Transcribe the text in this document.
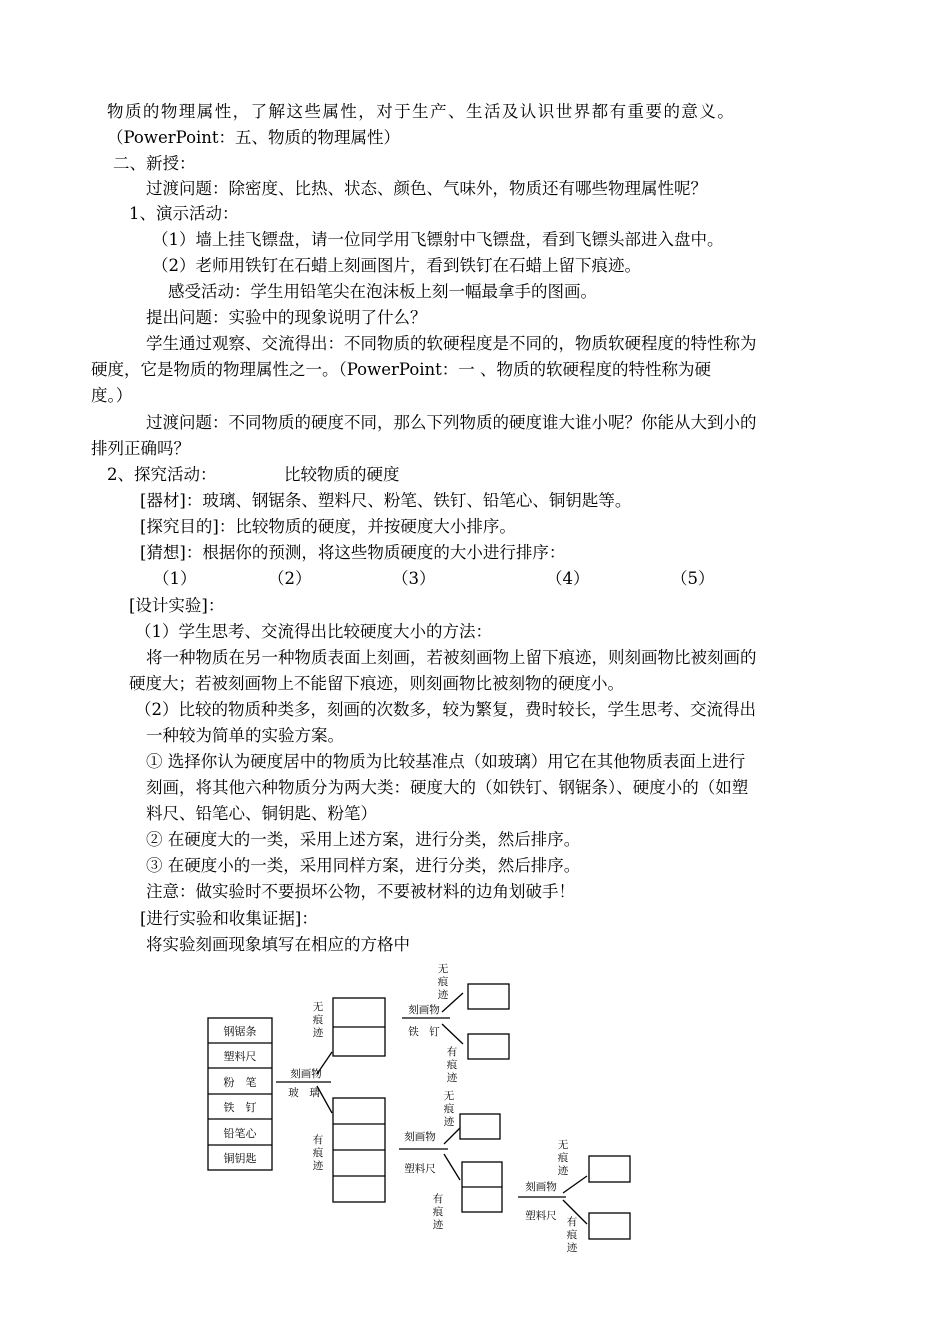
物质的物理属性，了解这些属性，对于生产、生活及认识世界都有重要的意义。
（PowerPoint：五、物质的物理属性）
二、新授：
过渡问题：除密度、比热、状态、颜色、气味外，物质还有哪些物理属性呢？
1、演示活动：
（1）墙上挂飞镖盘，请一位同学用飞镖射中飞镖盘，看到飞镖头部进入盘中。
（2）老师用铁钉在石蜡上刻画图片，看到铁钉在石蜡上留下痕迹。
感受活动：学生用铅笔尖在泡沫板上刻一幅最拿手的图画。
提出问题：实验中的现象说明了什么？
学生通过观察、交流得出：不同物质的软硬程度是不同的，物质软硬程度的特性称为
硬度，它是物质的物理属性之一。（PowerPoint：一 、物质的软硬程度的特性称为硬
度。）
过渡问题：不同物质的硬度不同，那么下列物质的硬度谁大谁小呢？你能从大到小的
排列正确吗？
2、探究活动：	比较物质的硬度
[器材]：玻璃、钢锯条、塑料尺、粉笔、铁钉、铅笔心、铜钥匙等。
[探究目的]：比较物质的硬度，并按硬度大小排序。
[猜想]：根据你的预测，将这些物质硬度的大小进行排序：
（1）	（2）	（3）	（4）	（5）
[设计实验]：
（1）学生思考、交流得出比较硬度大小的方法：
将一种物质在另一种物质表面上刻画，若被刻画物上留下痕迹，则刻画物比被刻画的
硬度大；若被刻画物上不能留下痕迹，则刻画物比被刻物的硬度小。
（2）比较的物质种类多，刻画的次数多，较为繁复，费时较长，学生思考、交流得出
一种较为简单的实验方案。
① 选择你认为硬度居中的物质为比较基准点（如玻璃）用它在其他物质表面上进行
刻画，将其他六种物质分为两大类：硬度大的（如铁钉、钢锯条）、硬度小的（如塑
料尺、铅笔心、铜钥匙、粉笔）
② 在硬度大的一类，采用上述方案，进行分类，然后排序。
③ 在硬度小的一类，采用同样方案，进行分类，然后排序。
注意：做实验时不要损坏公物，不要被材料的边角划破手！
[进行实验和收集证据]：
将实验刻画现象填写在相应的方格中
钢锯条
塑料尺
粉　笔
铁　钉
铅笔心
铜钥匙
刻画物
玻　璃
无
痕
迹
有
痕
迹
刻画物
铁　钉
无
痕
迹
有
痕
迹
刻画物
塑料尺
无
痕
迹
有
痕
迹
刻画物
塑料尺
无
痕
迹
有
痕
迹
